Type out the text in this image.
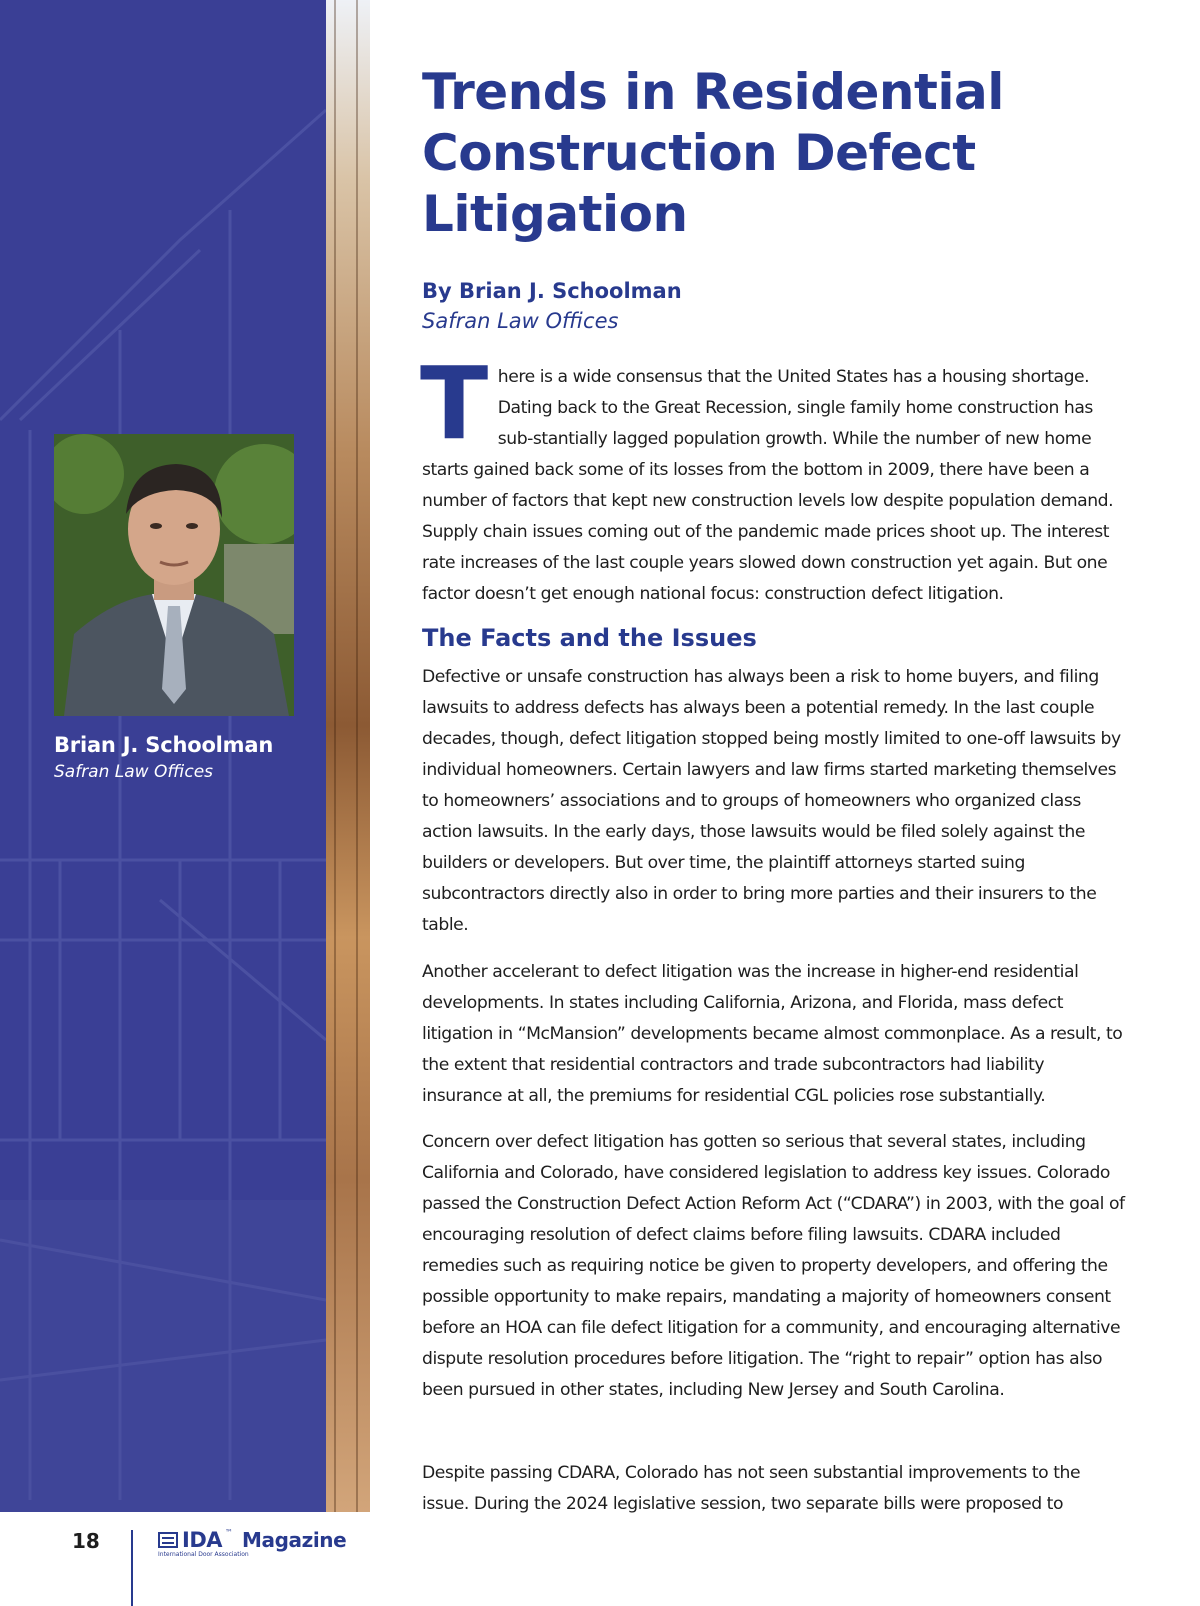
Brian J. Schoolman
Safran Law Offices
Trends in Residential Construction Defect Litigation
By Brian J. Schoolman
Safran Law Offices

There is a wide consensus that the United States has a housing shortage. Dating back to the Great Recession, single family home construction has sub-stantially lagged population growth. While the number of new home starts gained back some of its losses from the bottom in 2009, there have been a number of factors that kept new construction levels low despite population demand. Supply chain issues coming out of the pandemic made prices shoot up. The interest rate increases of the last couple years slowed down construction yet again. But one factor doesn’t get enough national focus: construction defect litigation.

The Facts and the Issues

Defective or unsafe construction has always been a risk to home buyers, and filing lawsuits to address defects has always been a potential remedy. In the last couple decades, though, defect litigation stopped being mostly limited to one-off lawsuits by individual homeowners. Certain lawyers and law firms started marketing themselves to homeowners’ associations and to groups of homeowners who organized class action lawsuits. In the early days, those lawsuits would be filed solely against the builders or developers. But over time, the plaintiff attorneys started suing subcontractors directly also in order to bring more parties and their insurers to the table.

Another accelerant to defect litigation was the increase in higher-end residential developments. In states including California, Arizona, and Florida, mass defect litigation in “McMansion” developments became almost commonplace. As a result, to the extent that residential contractors and trade subcontractors had liability insurance at all, the premiums for residential CGL policies rose substantially.

Concern over defect litigation has gotten so serious that several states, including California and Colorado, have considered legislation to address key issues. Colorado passed the Construction Defect Action Reform Act (“CDARA”) in 2003, with the goal of encouraging resolution of defect claims before filing lawsuits. CDARA included remedies such as requiring notice be given to property developers, and offering the possible opportunity to make repairs, mandating a majority of homeowners consent before an HOA can file defect litigation for a community, and encouraging alternative dispute resolution procedures before litigation. The “right to repair” option has also been pursued in other states, including New Jersey and South Carolina.

Despite passing CDARA, Colorado has not seen substantial improvements to the issue. During the 2024 legislative session, two separate bills were proposed to

18	IDA ™ Magazine
International Door Association
